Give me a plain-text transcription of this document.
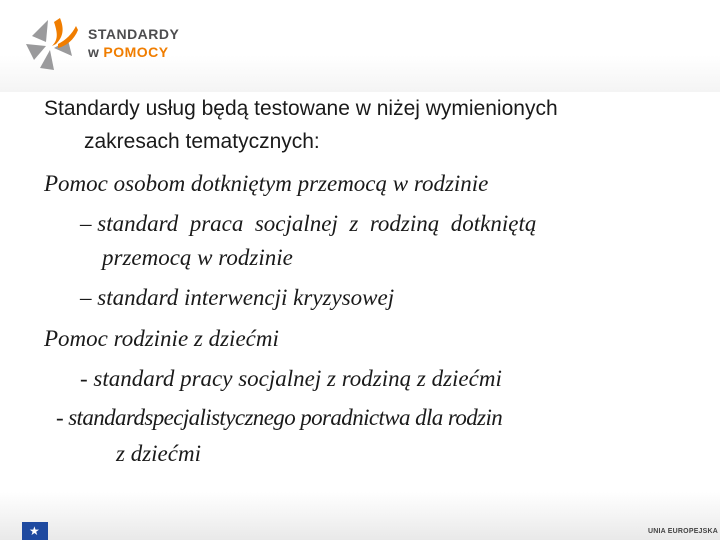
STANDARDY
w POMOCY
Standardy usług będą testowane w niżej wymienionych
zakresach tematycznych:
Pomoc osobom dotkniętym przemocą w rodzinie
– standard  praca  socjalnej  z  rodziną  dotkniętą
przemocą w rodzinie
– standard interwencji kryzysowej
Pomoc rodzinie z dziećmi
- standard pracy socjalnej z rodziną z dziećmi
- standardspecjalistycznego poradnictwa dla rodzin
z dziećmi
★	UNIA EUROPEJSKA
